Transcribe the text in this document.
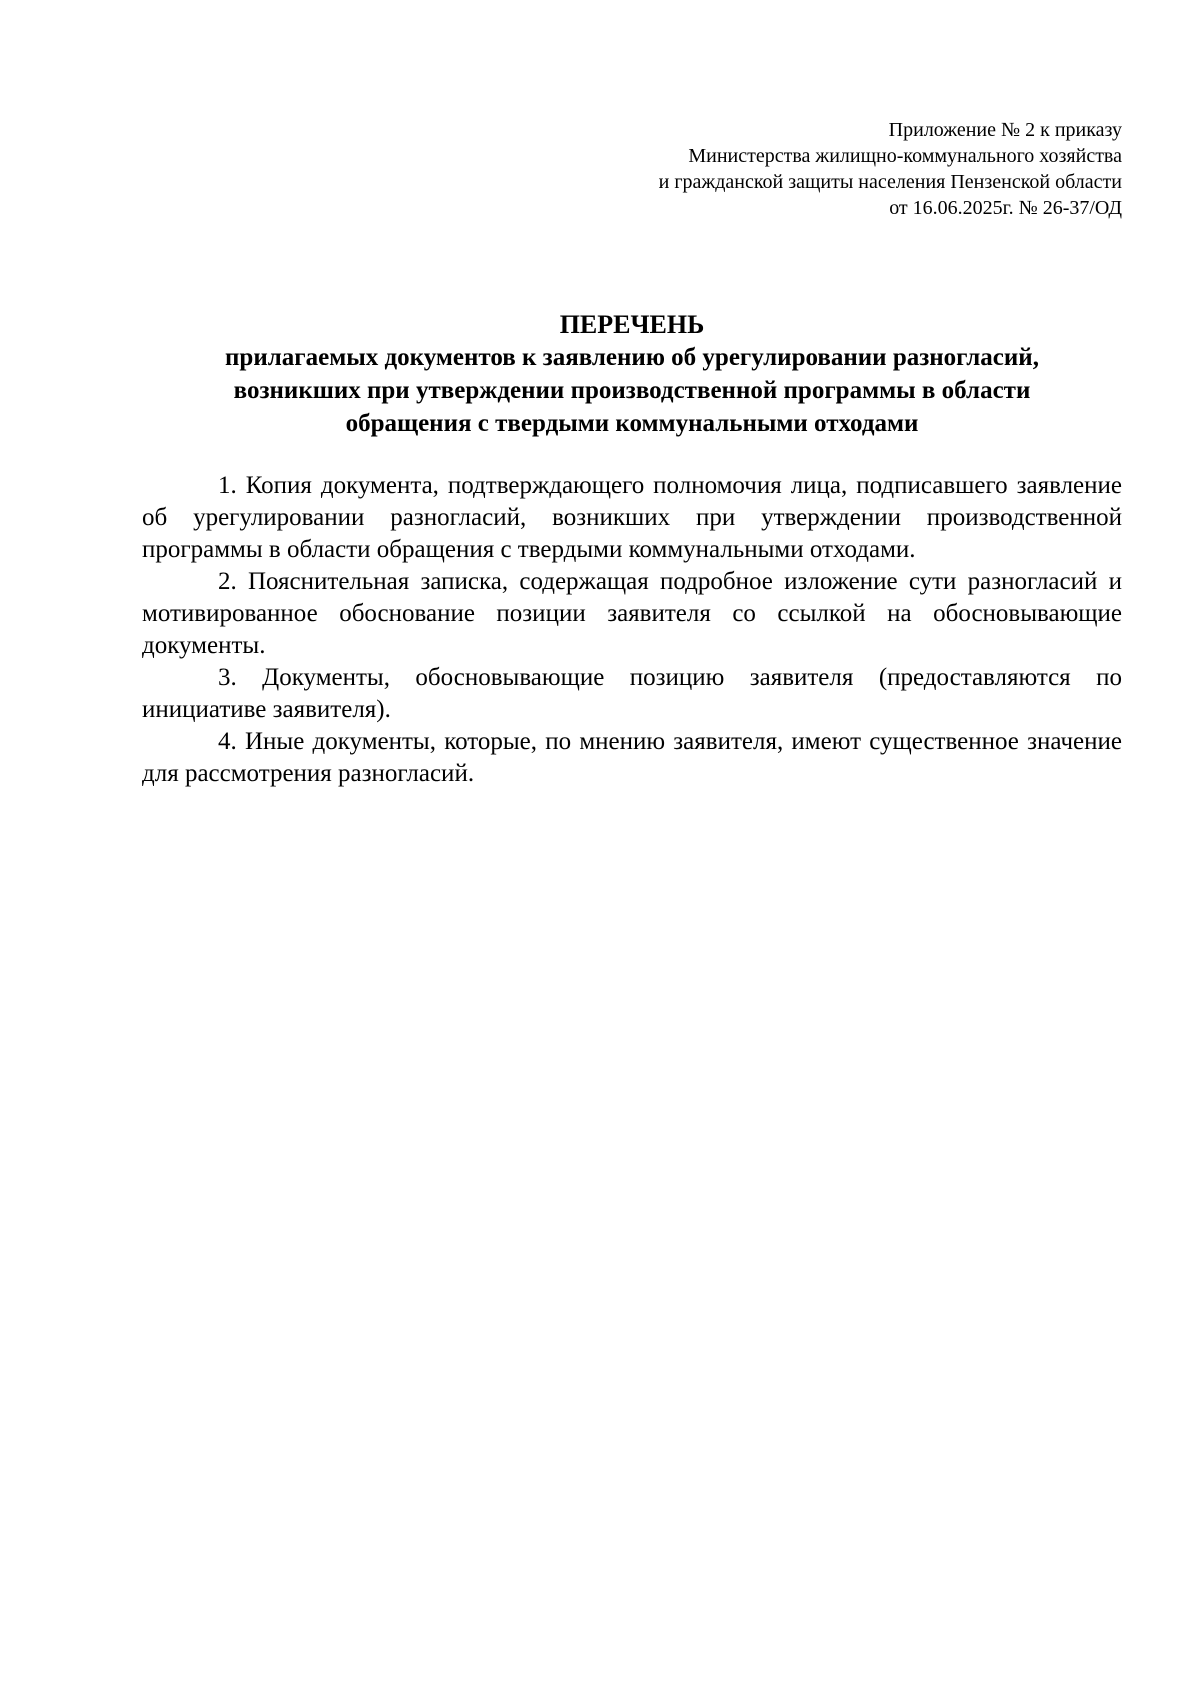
Приложение № 2 к приказу
Министерства жилищно-коммунального хозяйства
и гражданской защиты населения Пензенской области
от 16.06.2025г. № 26-37/ОД
ПЕРЕЧЕНЬ
прилагаемых документов к заявлению об урегулировании разногласий,
возникших при утверждении производственной программы в области
обращения с твердыми коммунальными отходами

1. Копия документа, подтверждающего полномочия лица, подписавшего заявление об урегулировании разногласий, возникших при утверждении производственной программы в области обращения с твердыми коммунальными отходами.

2. Пояснительная записка, содержащая подробное изложение сути разногласий и мотивированное обоснование позиции заявителя со ссылкой на обосновывающие документы.

3. Документы, обосновывающие позицию заявителя (предоставляются по инициативе заявителя).

4. Иные документы, которые, по мнению заявителя, имеют существенное значение для рассмотрения разногласий.
